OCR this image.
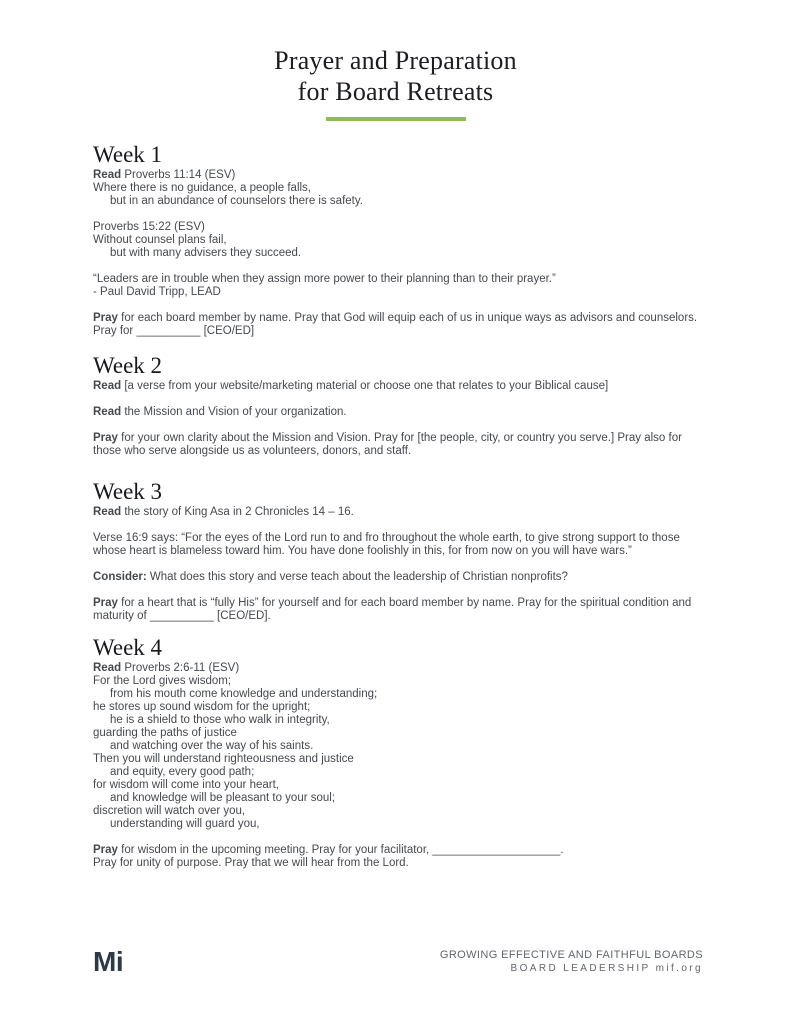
Prayer and Preparation
for Board Retreats
Week 1
Read Proverbs 11:14 (ESV)
Where there is no guidance, a people falls,
but in an abundance of counselors there is safety.
Proverbs 15:22 (ESV)
Without counsel plans fail,
but with many advisers they succeed.
“Leaders are in trouble when they assign more power to their planning than to their prayer.”
- Paul David Tripp, LEAD
Pray for each board member by name. Pray that God will equip each of us in unique ways as advisors and counselors. Pray for __________ [CEO/ED]
Week 2
Read [a verse from your website/marketing material or choose one that relates to your Biblical cause]
Read the Mission and Vision of your organization.
Pray for your own clarity about the Mission and Vision. Pray for [the people, city, or country you serve.] Pray also for those who serve alongside us as volunteers, donors, and staff.
Week 3
Read the story of King Asa in 2 Chronicles 14 – 16.
Verse 16:9 says: “For the eyes of the Lord run to and fro throughout the whole earth, to give strong support to those whose heart is blameless toward him. You have done foolishly in this, for from now on you will have wars.”
Consider: What does this story and verse teach about the leadership of Christian nonprofits?
Pray for a heart that is “fully His” for yourself and for each board member by name. Pray for the spiritual condition and maturity of __________ [CEO/ED].
Week 4
Read Proverbs 2:6-11 (ESV)
For the Lord gives wisdom;
from his mouth come knowledge and understanding;
he stores up sound wisdom for the upright;
he is a shield to those who walk in integrity,
guarding the paths of justice
and watching over the way of his saints.
Then you will understand righteousness and justice
and equity, every good path;
for wisdom will come into your heart,
and knowledge will be pleasant to your soul;
discretion will watch over you,
understanding will guard you,
Pray for wisdom in the upcoming meeting. Pray for your facilitator, ____________________.
Pray for unity of purpose. Pray that we will hear from the Lord.
Mi	GROWING EFFECTIVE AND FAITHFUL BOARDS
BOARD LEADERSHIP mif.org
